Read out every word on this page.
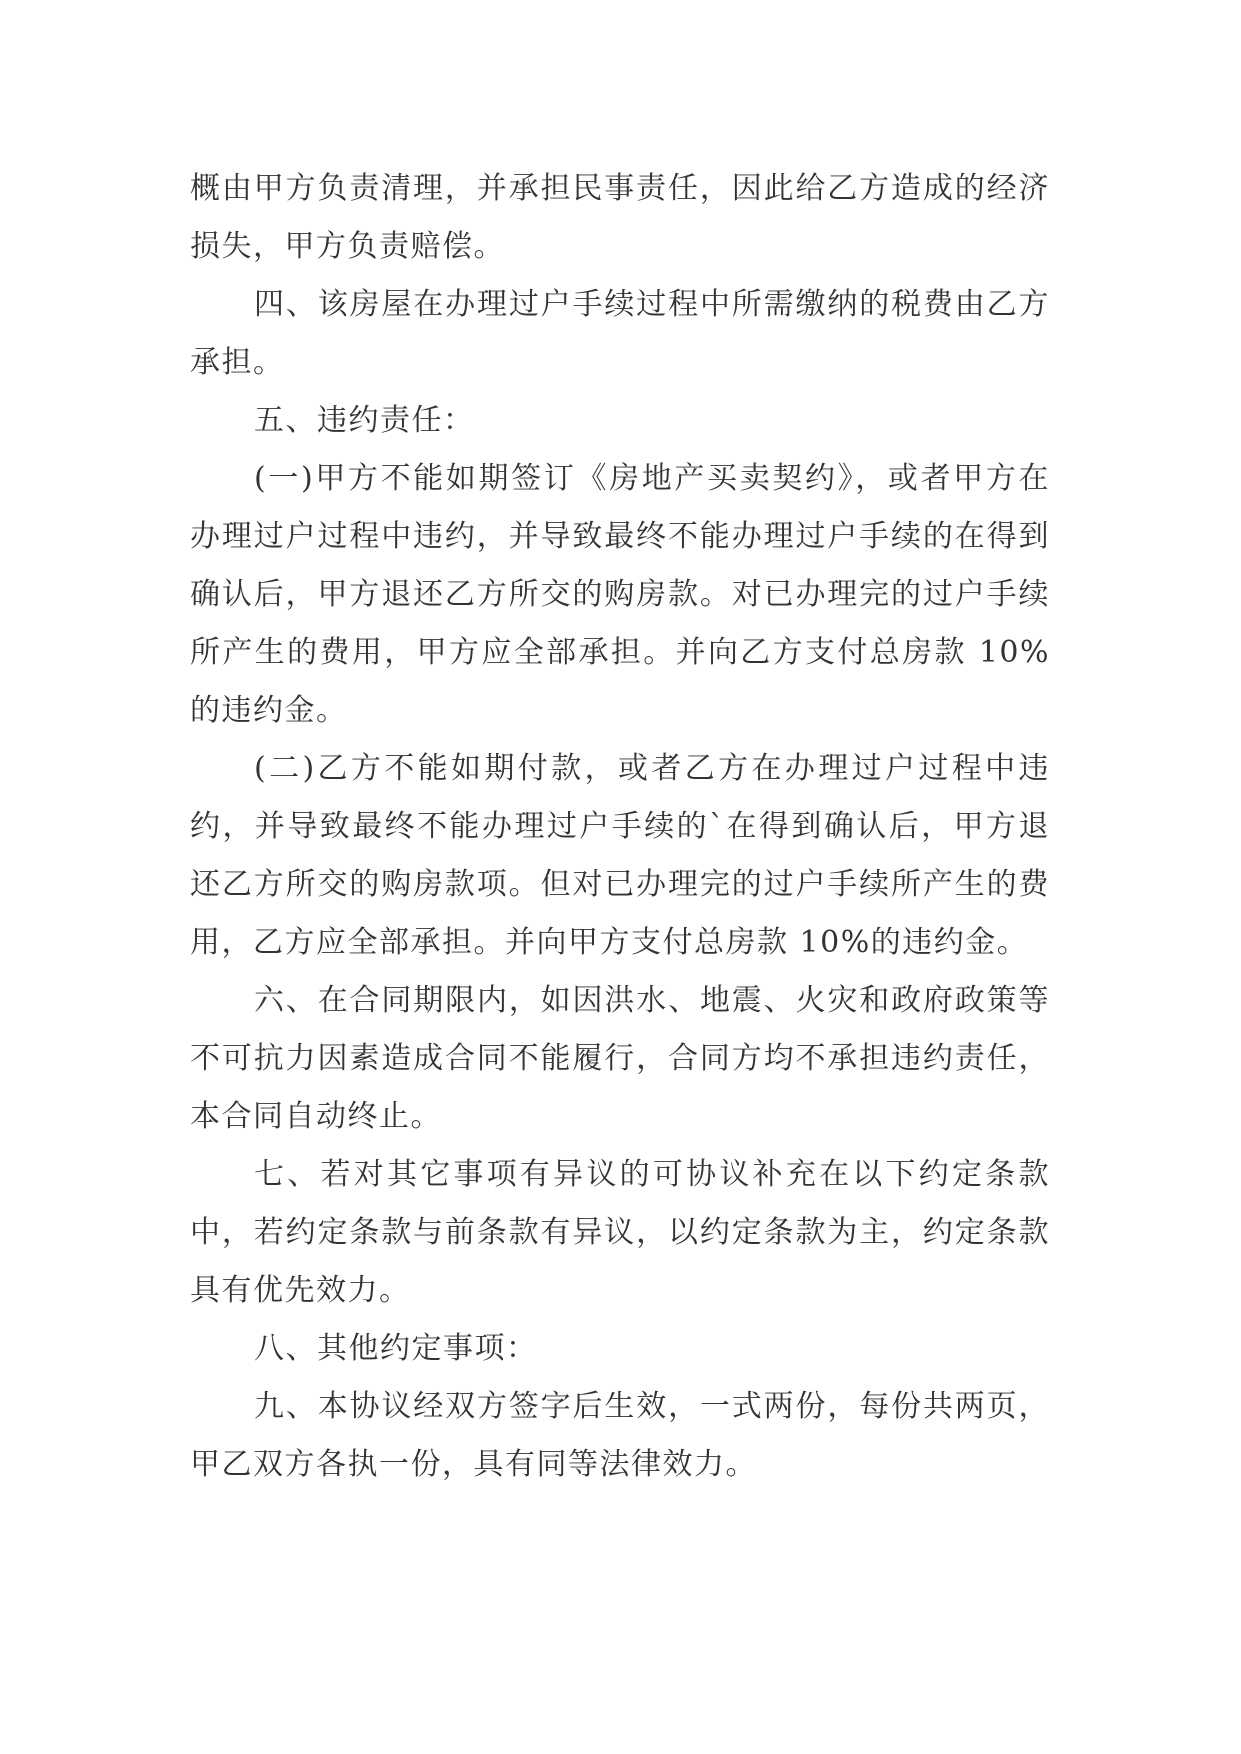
概由甲方负责清理，并承担民事责任，因此给乙方造成的经济损失，甲方负责赔偿。

四、该房屋在办理过户手续过程中所需缴纳的税费由乙方承担。

五、违约责任：

(一)甲方不能如期签订《房地产买卖契约》，或者甲方在办理过户过程中违约，并导致最终不能办理过户手续的在得到确认后，甲方退还乙方所交的购房款。对已办理完的过户手续所产生的费用，甲方应全部承担。并向乙方支付总房款 10%的违约金。

(二)乙方不能如期付款，或者乙方在办理过户过程中违约，并导致最终不能办理过户手续的`在得到确认后，甲方退还乙方所交的购房款项。但对已办理完的过户手续所产生的费用，乙方应全部承担。并向甲方支付总房款 10%的违约金。

六、在合同期限内，如因洪水、地震、火灾和政府政策等不可抗力因素造成合同不能履行，合同方均不承担违约责任，本合同自动终止。

七、若对其它事项有异议的可协议补充在以下约定条款中，若约定条款与前条款有异议，以约定条款为主，约定条款具有优先效力。

八、其他约定事项：

九、本协议经双方签字后生效，一式两份，每份共两页，甲乙双方各执一份，具有同等法律效力。
